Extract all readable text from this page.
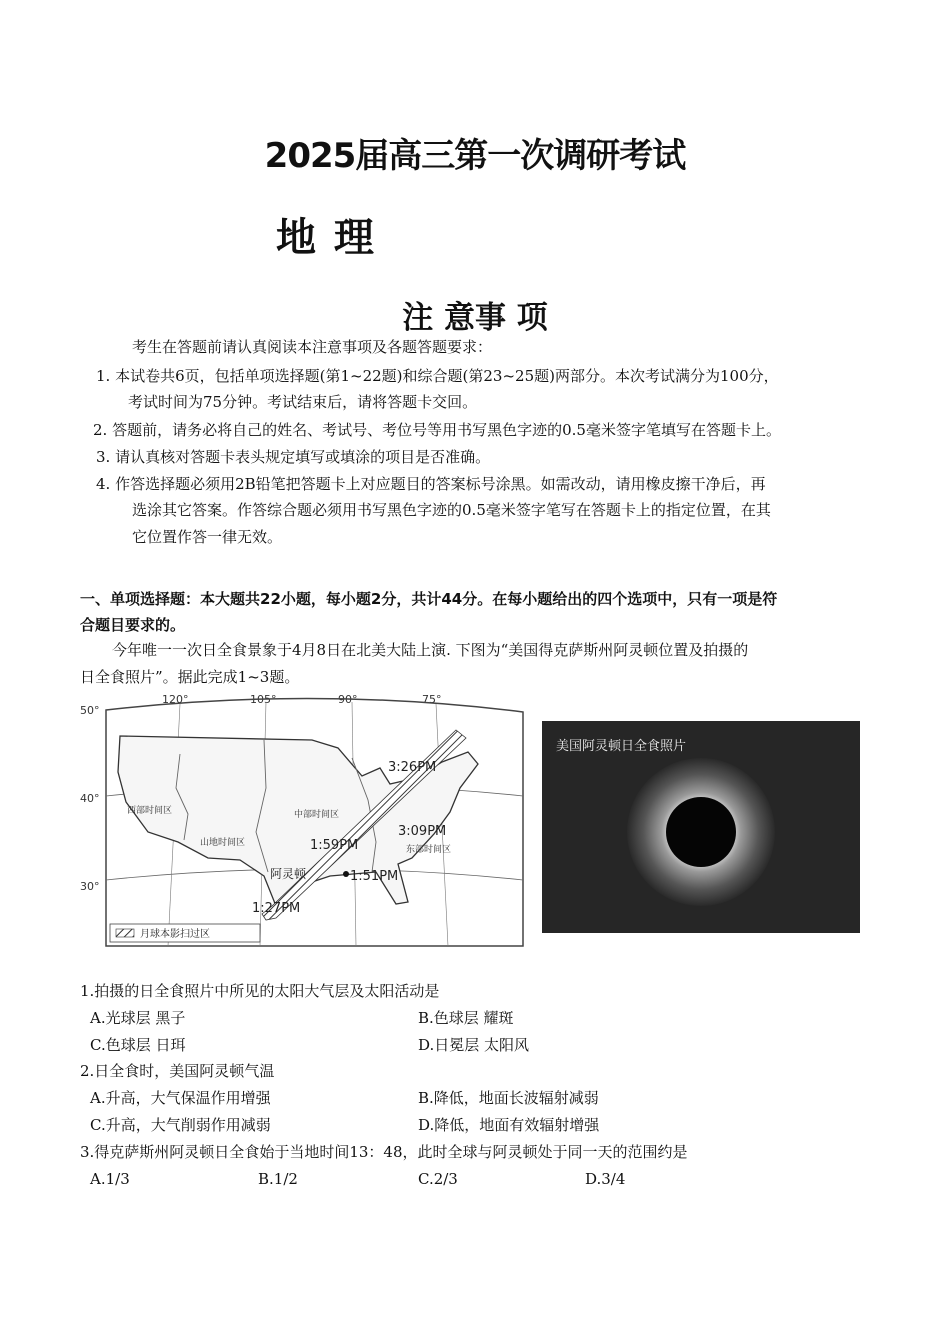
2025届高三第一次调研考试
地 理
注 意事 项
考生在答题前请认真阅读本注意事项及各题答题要求：
1. 本试卷共6页，包括单项选择题(第1~22题)和综合题(第23~25题)两部分。本次考试满分为100分，
考试时间为75分钟。考试结束后，请将答题卡交回。
2. 答题前，请务必将自己的姓名、考试号、考位号等用书写黑色字迹的0.5毫米签字笔填写在答题卡上。
3. 请认真核对答题卡表头规定填写或填涂的项目是否准确。
4. 作答选择题必须用2B铅笔把答题卡上对应题目的答案标号涂黑。如需改动，请用橡皮擦干净后，再
选涂其它答案。作答综合题必须用书写黑色字迹的0.5毫米签字笔写在答题卡上的指定位置，在其
它位置作答一律无效。
一、单项选择题：本大题共22小题，每小题2分，共计44分。在每小题给出的四个选项中，只有一项是符
合题目要求的。
今年唯一一次日全食景象于4月8日在北美大陆上演. 下图为“美国得克萨斯州阿灵顿位置及拍摄的
日全食照片”。据此完成1~3题。
50°
40°
30°
120°	105°	90°	75°
西部时间区
山地时间区
中部时间区
东部时间区
3:26PM
3:09PM
1:59PM
1:51PM
1:27PM
阿灵顿
月球本影扫过区
美国阿灵顿日全食照片
1.拍摄的日全食照片中所见的太阳大气层及太阳活动是
A.光球层 黑子	B.色球层 耀斑
C.色球层 日珥	D.日冕层 太阳风
2.日全食时，美国阿灵顿气温
A.升高，大气保温作用增强	B.降低，地面长波辐射减弱
C.升高，大气削弱作用减弱	D.降低，地面有效辐射增强
3.得克萨斯州阿灵顿日全食始于当地时间13：48，此时全球与阿灵顿处于同一天的范围约是
A.1/3	B.1/2	C.2/3	D.3/4
